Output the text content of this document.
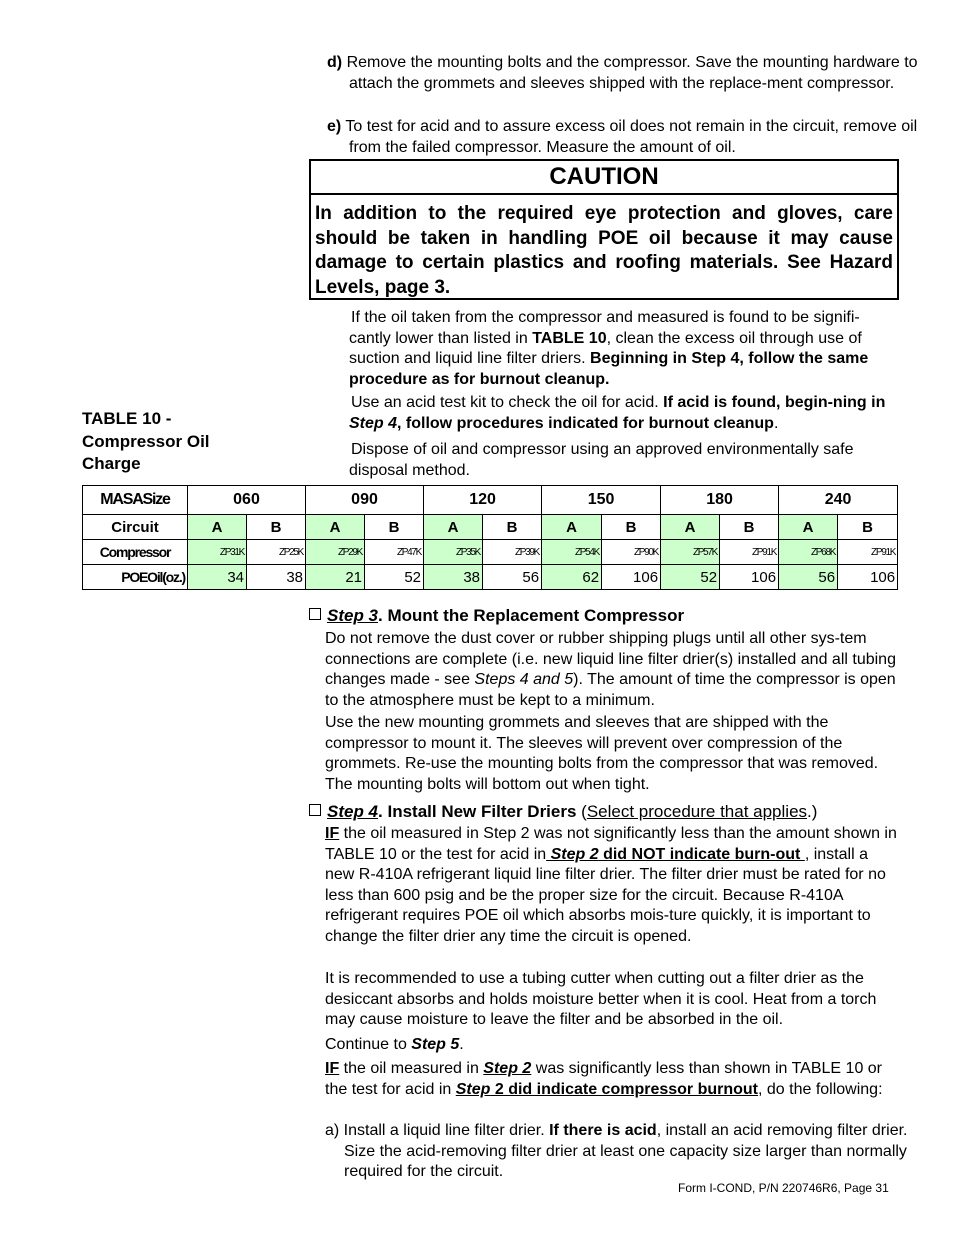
d) Remove the mounting bolts and the compressor. Save the mounting hardware to attach the grommets and sleeves shipped with the replace-ment compressor.
e) To test for acid and to assure excess oil does not remain in the circuit, remove oil from the failed compressor. Measure the amount of oil.
CAUTION
In addition to the required eye protection and gloves, care should be taken in handling POE oil because it may cause damage to certain plastics and roofing materials. See Hazard Levels, page 3.
If the oil taken from the compressor and measured is found to be signifi-cantly lower than listed in TABLE 10, clean the excess oil through use of suction and liquid line filter driers. Beginning in Step 4, follow the same procedure as for burnout cleanup.
Use an acid test kit to check the oil for acid. If acid is found, begin-ning in Step 4, follow procedures indicated for burnout cleanup.
Dispose of oil and compressor using an approved environmentally safe disposal method.
TABLE 10 -
Compressor Oil
Charge
MASASize	060		090		120		150		180		240	
Circuit	A	B	A	B	A	B	A	B	A	B	A	B
Compressor	ZP31K	ZP25K	ZP29K	ZP47K	ZP35K	ZP39K	ZP54K	ZP90K	ZP57K	ZP91K	ZP68K	ZP91K
POEOil(oz.)	34	38	21	52	38	56	62	106	52	106	56	106
Step 3. Mount the Replacement Compressor
Do not remove the dust cover or rubber shipping plugs until all other sys-tem connections are complete (i.e. new liquid line filter drier(s) installed and all tubing changes made - see Steps 4 and 5). The amount of time the compressor is open to the atmosphere must be kept to a minimum.
Use the new mounting grommets and sleeves that are shipped with the compressor to mount it. The sleeves will prevent over compression of the grommets. Re-use the mounting bolts from the compressor that was removed. The mounting bolts will bottom out when tight.
Step 4. Install New Filter Driers (Select procedure that applies.)
IF the oil measured in Step 2 was not significantly less than the amount shown in TABLE 10 or the test for acid in Step 2 did NOT indicate burn-out , install a new R-410A refrigerant liquid line filter drier. The filter drier must be rated for no less than 600 psig and be the proper size for the circuit. Because R-410A refrigerant requires POE oil which absorbs mois-ture quickly, it is important to change the filter drier any time the circuit is opened.
It is recommended to use a tubing cutter when cutting out a filter drier as the desiccant absorbs and holds moisture better when it is cool. Heat from a torch may cause moisture to leave the filter and be absorbed in the oil.
Continue to Step 5.
IF the oil measured in Step 2 was significantly less than shown in TABLE 10 or the test for acid in Step 2 did indicate compressor burnout, do the following:
a) Install a liquid line filter drier. If there is acid, install an acid removing filter drier. Size the acid-removing filter drier at least one capacity size larger than normally required for the circuit.
Form I-COND, P/N 220746R6, Page 31
